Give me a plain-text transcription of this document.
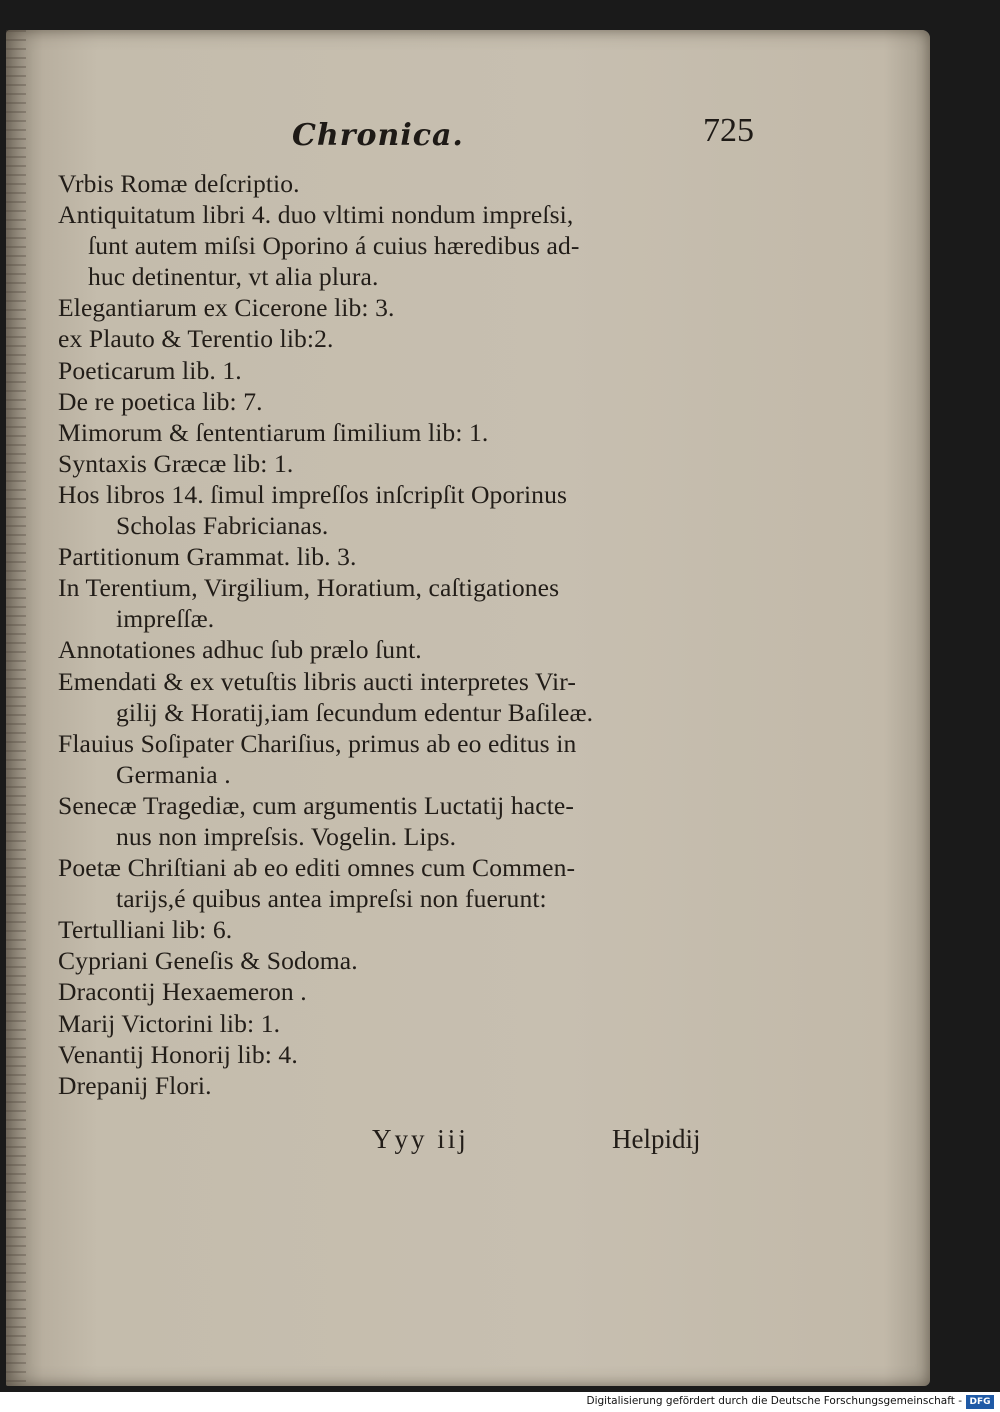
Chronica.	725
Vrbis Romæ deſcriptio.
Antiquitatum libri 4. duo vltimi nondum impreſsi,
ſunt autem miſsi Oporino á cuius hæredibus ad-
huc detinentur, vt alia plura.
Elegantiarum ex Cicerone lib: 3.
ex Plauto & Terentio lib:2.
Poeticarum lib. 1.
De re poetica lib: 7.
Mimorum & ſententiarum ſimilium lib: 1.
Syntaxis Græcæ lib: 1.
Hos libros 14. ſimul impreſſos inſcripſit Oporinus
Scholas Fabricianas.
Partitionum Grammat. lib. 3.
In Terentium, Virgilium, Horatium, caſtigationes
impreſſæ.
Annotationes adhuc ſub prælo ſunt.
Emendati & ex vetuſtis libris aucti interpretes Vir-
gilij & Horatij,iam ſecundum edentur Baſileæ.
Flauius Soſipater Chariſius, primus ab eo editus in
Germania .
Senecæ Tragediæ, cum argumentis Luctatij hacte-
nus non impreſsis. Vogelin. Lips.
Poetæ Chriſtiani ab eo editi omnes cum Commen-
tarijs,é quibus antea impreſsi non fuerunt:
Tertulliani lib: 6.
Cypriani Geneſis & Sodoma.
Dracontij Hexaemeron .
Marij Victorini lib: 1.
Venantij Honorij lib: 4.
Drepanij Flori.
Yyy iij	Helpidij
Digitalisierung gefördert durch die Deutsche Forschungsgemeinschaft - DFG
